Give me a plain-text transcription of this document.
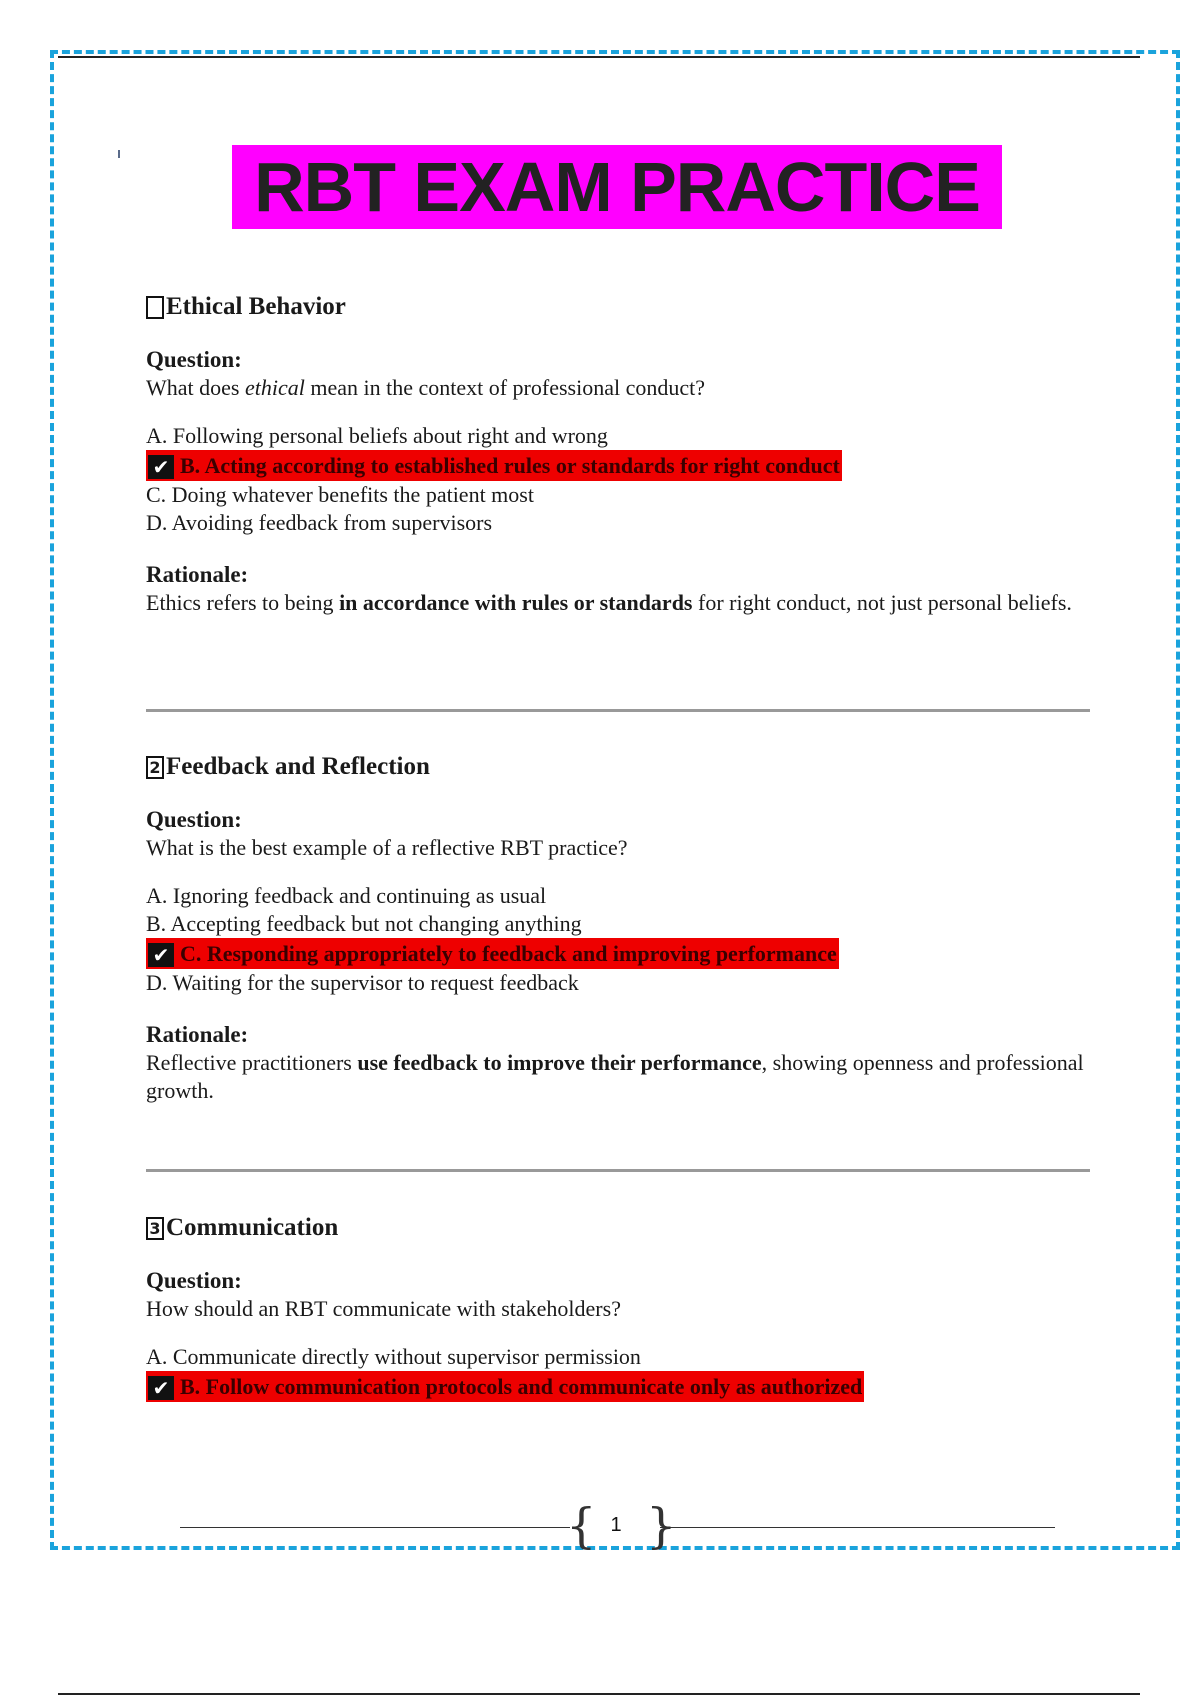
RBT EXAM PRACTICE
Ethical Behavior
Question:
What does ethical mean in the context of professional conduct?
A. Following personal beliefs about right and wrong
✔ B. Acting according to established rules or standards for right conduct
C. Doing whatever benefits the patient most
D. Avoiding feedback from supervisors
Rationale:
Ethics refers to being in accordance with rules or standards for right conduct, not just personal beliefs.
2 Feedback and Reflection
Question:
What is the best example of a reflective RBT practice?
A. Ignoring feedback and continuing as usual
B. Accepting feedback but not changing anything
✔ C. Responding appropriately to feedback and improving performance
D. Waiting for the supervisor to request feedback
Rationale:
Reflective practitioners use feedback to improve their performance, showing openness and professional growth.
3 Communication
Question:
How should an RBT communicate with stakeholders?
A. Communicate directly without supervisor permission
✔ B. Follow communication protocols and communicate only as authorized
{ 1 }
